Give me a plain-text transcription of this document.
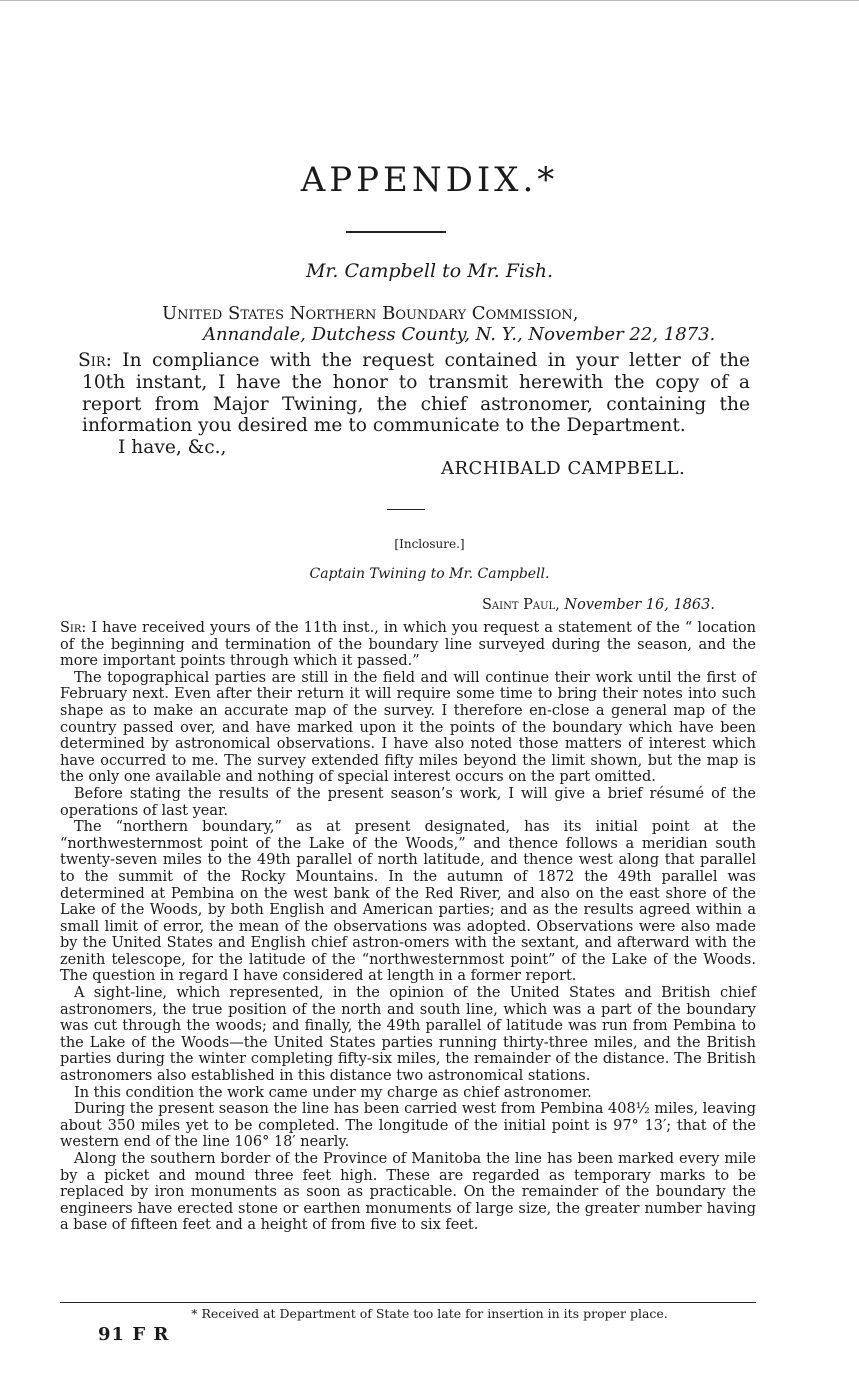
APPENDIX.*
Mr. Campbell to Mr. Fish.
United States Northern Boundary Commission,
Annandale, Dutchess County, N. Y., November 22, 1873.

Sir: In compliance with the request contained in your letter of the 10th instant, I have the honor to transmit herewith the copy of a report from Major Twining, the chief astronomer, containing the information you desired me to communicate to the Department.

I have, &c.,
ARCHIBALD CAMPBELL.
[Inclosure.]
Captain Twining to Mr. Campbell.
Saint Paul, November 16, 1863.

Sir: I have received yours of the 11th inst., in which you request a statement of the “ location of the beginning and termination of the boundary line surveyed during the season, and the more important points through which it passed.”

The topographical parties are still in the field and will continue their work until the first of February next. Even after their return it will require some time to bring their notes into such shape as to make an accurate map of the survey. I therefore en-close a general map of the country passed over, and have marked upon it the points of the boundary which have been determined by astronomical observations. I have also noted those matters of interest which have occurred to me. The survey extended fifty miles beyond the limit shown, but the map is the only one available and nothing of special interest occurs on the part omitted.

Before stating the results of the present season’s work, I will give a brief résumé of the operations of last year.

The “northern boundary,” as at present designated, has its initial point at the “northwesternmost point of the Lake of the Woods,” and thence follows a meridian south twenty-seven miles to the 49th parallel of north latitude, and thence west along that parallel to the summit of the Rocky Mountains. In the autumn of 1872 the 49th parallel was determined at Pembina on the west bank of the Red River, and also on the east shore of the Lake of the Woods, by both English and American parties; and as the results agreed within a small limit of error, the mean of the observations was adopted. Observations were also made by the United States and English chief astron-omers with the sextant, and afterward with the zenith telescope, for the latitude of the “northwesternmost point” of the Lake of the Woods. The question in regard I have considered at length in a former report.

A sight-line, which represented, in the opinion of the United States and British chief astronomers, the true position of the north and south line, which was a part of the boundary was cut through the woods; and finally, the 49th parallel of latitude was run from Pembina to the Lake of the Woods—the United States parties running thirty-three miles, and the British parties during the winter completing fifty-six miles, the remainder of the distance. The British astronomers also established in this distance two astronomical stations.

In this condition the work came under my charge as chief astronomer.

During the present season the line has been carried west from Pembina 408½ miles, leaving about 350 miles yet to be completed. The longitude of the initial point is 97° 13′; that of the western end of the line 106° 18′ nearly.

Along the southern border of the Province of Manitoba the line has been marked every mile by a picket and mound three feet high. These are regarded as temporary marks to be replaced by iron monuments as soon as practicable. On the remainder of the boundary the engineers have erected stone or earthen monuments of large size, the greater number having a base of fifteen feet and a height of from five to six feet.

* Received at Department of State too late for insertion in its proper place.
91 F R
